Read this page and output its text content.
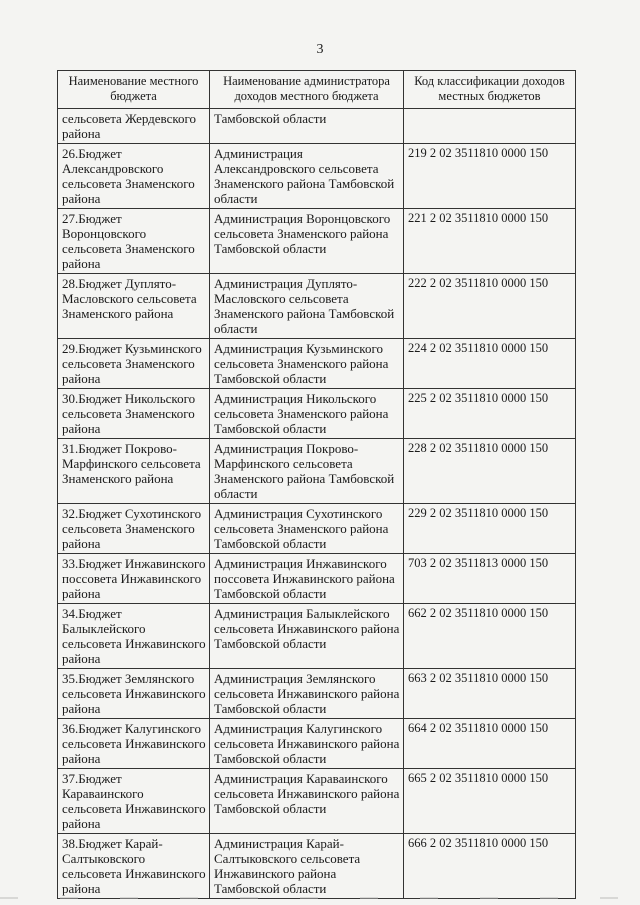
3
Наименование местного бюджета	Наименование администратора доходов местного бюджета	Код классификации доходов местных бюджетов
сельсовета Жердевского района	Тамбовской области	
26.Бюджет Александровского сельсовета Знаменского района	Администрация Александровского сельсовета Знаменского района Тамбовской области	219 2 02 3511810 0000 150
27.Бюджет Воронцовского сельсовета Знаменского района	Администрация Воронцовского сельсовета Знаменского района Тамбовской области	221 2 02 3511810 0000 150
28.Бюджет Дуплято-Масловского сельсовета Знаменского района	Администрация Дуплято-Масловского сельсовета Знаменского района Тамбовской области	222 2 02 3511810 0000 150
29.Бюджет Кузьминского сельсовета Знаменского района	Администрация Кузьминского сельсовета Знаменского района Тамбовской области	224 2 02 3511810 0000 150
30.Бюджет Никольского сельсовета Знаменского района	Администрация Никольского сельсовета Знаменского района Тамбовской области	225 2 02 3511810 0000 150
31.Бюджет Покрово-Марфинского сельсовета Знаменского района	Администрация Покрово-Марфинского сельсовета Знаменского района Тамбовской области	228 2 02 3511810 0000 150
32.Бюджет Сухотинского сельсовета Знаменского района	Администрация Сухотинского сельсовета Знаменского района Тамбовской области	229 2 02 3511810 0000 150
33.Бюджет Инжавинского поссовета Инжавинского района	Администрация Инжавинского поссовета Инжавинского района Тамбовской области	703 2 02 3511813 0000 150
34.Бюджет Балыклейского сельсовета Инжавинского района	Администрация Балыклейского сельсовета Инжавинского района Тамбовской области	662 2 02 3511810 0000 150
35.Бюджет Землянского сельсовета Инжавинского района	Администрация Землянского сельсовета Инжавинского района Тамбовской области	663 2 02 3511810 0000 150
36.Бюджет Калугинского сельсовета Инжавинского района	Администрация Калугинского сельсовета Инжавинского района Тамбовской области	664 2 02 3511810 0000 150
37.Бюджет Караваинского сельсовета Инжавинского района	Администрация Караваинского сельсовета Инжавинского района Тамбовской области	665 2 02 3511810 0000 150
38.Бюджет Карай-Салтыковского сельсовета Инжавинского района	Администрация Карай-Салтыковского сельсовета Инжавинского района Тамбовской области	666 2 02 3511810 0000 150
